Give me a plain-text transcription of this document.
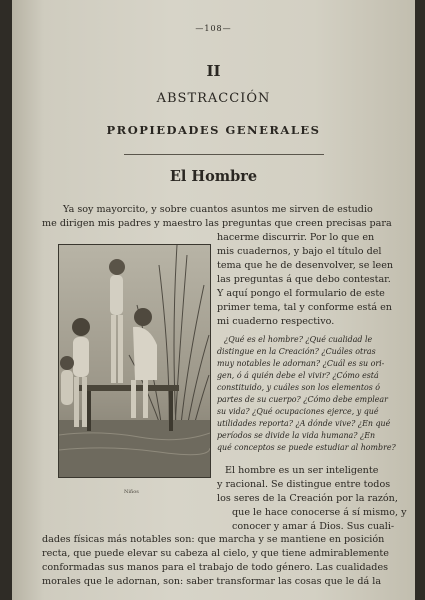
—108—
II
ABSTRACCIÓN
PROPIEDADES GENERALES
El Hombre
Ya soy mayorcito, y sobre cuantos asuntos me sirven de estudio
me dirigen mis padres y maestro las preguntas que creen precisas para
hacerme discurrir. Por lo que en
mis cuadernos, y bajo el título del
tema que he de desenvolver, se leen
las preguntas á que debo contestar.
Y aquí pongo el formulario de este
primer tema, tal y conforme está en
mi cuaderno respectivo.
¿Qué es el hombre? ¿Qué cualidad le
distingue en la Creación? ¿Cuáles otras
muy notables le adornan? ¿Cuál es su ori-
gen, ó á quién debe el vivir? ¿Cómo está
constituido, y cuáles son los elementos ó
partes de su cuerpo? ¿Cómo debe emplear
su vida? ¿Qué ocupaciones ejerce, y qué
utilidades reporta? ¿A dónde vive? ¿En qué
períodos se divide la vida humana? ¿En
qué conceptos se puede estudiar al hombre?
El hombre es un ser inteligente
y racional. Se distingue entre todos
los seres de la Creación por la razón,
que le hace conocerse á sí mismo, y
conocer y amar á Dios. Sus cuali-
dades físicas más notables son: que marcha y se mantiene en posición
recta, que puede elevar su cabeza al cielo, y que tiene admirablemente
conformadas sus manos para el trabajo de todo género. Las cualidades
morales que le adornan, son: saber transformar las cosas que le dá la
Niños
